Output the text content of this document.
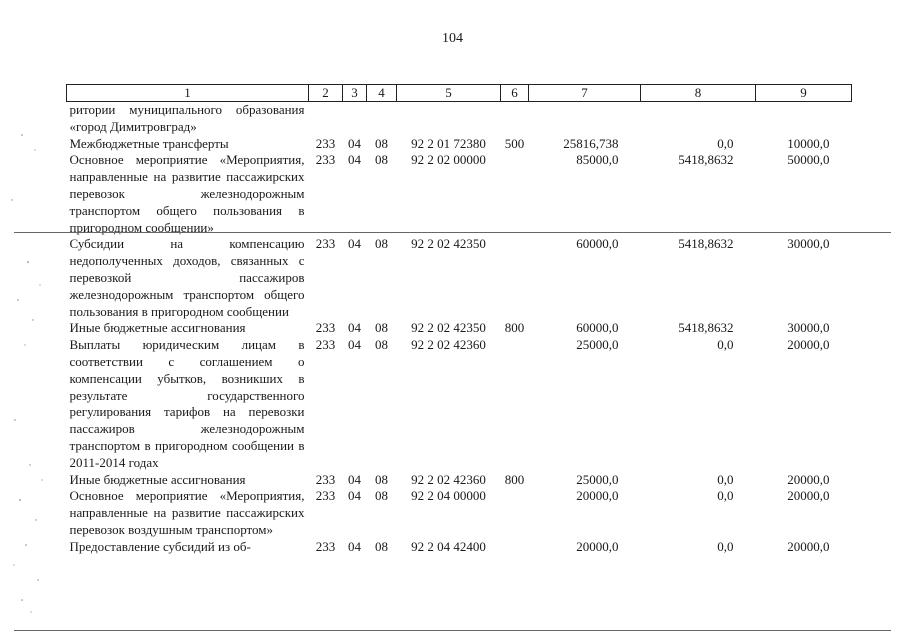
104
1	2	3	4	5	6	7	8	9
ритории муниципального образования «город Димитровград»								
Межбюджетные трансферты	233	04	08	92 2 01 72380	500	25816,738	0,0	10000,0
Основное мероприятие «Мероприятия, направленные на развитие пассажирских перевозок железнодорожным транспортом общего пользования в пригородном сообщении»	233	04	08	92 2 02 00000		85000,0	5418,8632	50000,0
Субсидии на компенсацию недополученных доходов, связанных с перевозкой пассажиров железнодорожным транспортом общего пользования в пригородном сообщении	233	04	08	92 2 02 42350		60000,0	5418,8632	30000,0
Иные бюджетные ассигнования	233	04	08	92 2 02 42350	800	60000,0	5418,8632	30000,0
Выплаты юридическим лицам в соответствии с соглашением о компенсации убытков, возникших в результате государственного регулирования тарифов на перевозки пассажиров железнодорожным транспортом в пригородном сообщении в 2011-2014 годах	233	04	08	92 2 02 42360		25000,0	0,0	20000,0
Иные бюджетные ассигнования	233	04	08	92 2 02 42360	800	25000,0	0,0	20000,0
Основное мероприятие «Мероприятия, направленные на развитие пассажирских перевозок воздушным транспортом»	233	04	08	92 2 04 00000		20000,0	0,0	20000,0
Предоставление субсидий из об-	233	04	08	92 2 04 42400		20000,0	0,0	20000,0
